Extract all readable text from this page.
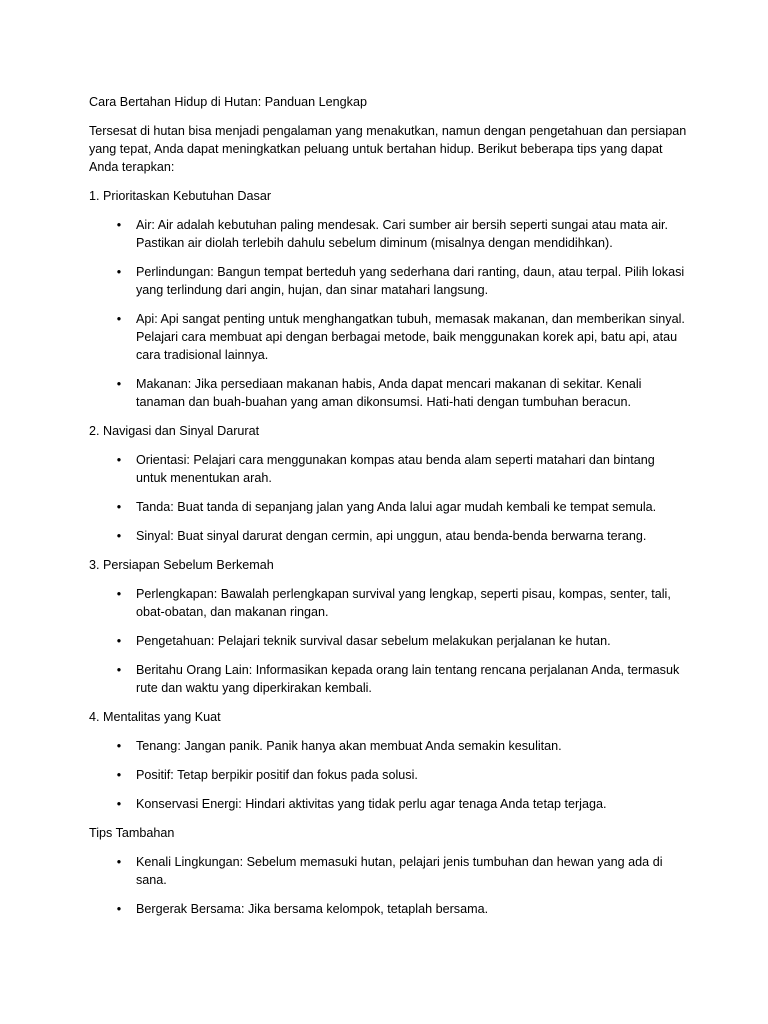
Cara Bertahan Hidup di Hutan: Panduan Lengkap

Tersesat di hutan bisa menjadi pengalaman yang menakutkan, namun dengan pengetahuan dan persiapan yang tepat, Anda dapat meningkatkan peluang untuk bertahan hidup. Berikut beberapa tips yang dapat Anda terapkan:

1. Prioritaskan Kebutuhan Dasar

• Air: Air adalah kebutuhan paling mendesak. Cari sumber air bersih seperti sungai atau mata air. Pastikan air diolah terlebih dahulu sebelum diminum (misalnya dengan mendidihkan).
• Perlindungan: Bangun tempat berteduh yang sederhana dari ranting, daun, atau terpal. Pilih lokasi yang terlindung dari angin, hujan, dan sinar matahari langsung.
• Api: Api sangat penting untuk menghangatkan tubuh, memasak makanan, dan memberikan sinyal. Pelajari cara membuat api dengan berbagai metode, baik menggunakan korek api, batu api, atau cara tradisional lainnya.
• Makanan: Jika persediaan makanan habis, Anda dapat mencari makanan di sekitar. Kenali tanaman dan buah-buahan yang aman dikonsumsi. Hati-hati dengan tumbuhan beracun.

2. Navigasi dan Sinyal Darurat

• Orientasi: Pelajari cara menggunakan kompas atau benda alam seperti matahari dan bintang untuk menentukan arah.
• Tanda: Buat tanda di sepanjang jalan yang Anda lalui agar mudah kembali ke tempat semula.
• Sinyal: Buat sinyal darurat dengan cermin, api unggun, atau benda-benda berwarna terang.

3. Persiapan Sebelum Berkemah

• Perlengkapan: Bawalah perlengkapan survival yang lengkap, seperti pisau, kompas, senter, tali, obat-obatan, dan makanan ringan.
• Pengetahuan: Pelajari teknik survival dasar sebelum melakukan perjalanan ke hutan.
• Beritahu Orang Lain: Informasikan kepada orang lain tentang rencana perjalanan Anda, termasuk rute dan waktu yang diperkirakan kembali.

4. Mentalitas yang Kuat

• Tenang: Jangan panik. Panik hanya akan membuat Anda semakin kesulitan.
• Positif: Tetap berpikir positif dan fokus pada solusi.
• Konservasi Energi: Hindari aktivitas yang tidak perlu agar tenaga Anda tetap terjaga.

Tips Tambahan

• Kenali Lingkungan: Sebelum memasuki hutan, pelajari jenis tumbuhan dan hewan yang ada di sana.
• Bergerak Bersama: Jika bersama kelompok, tetaplah bersama.
